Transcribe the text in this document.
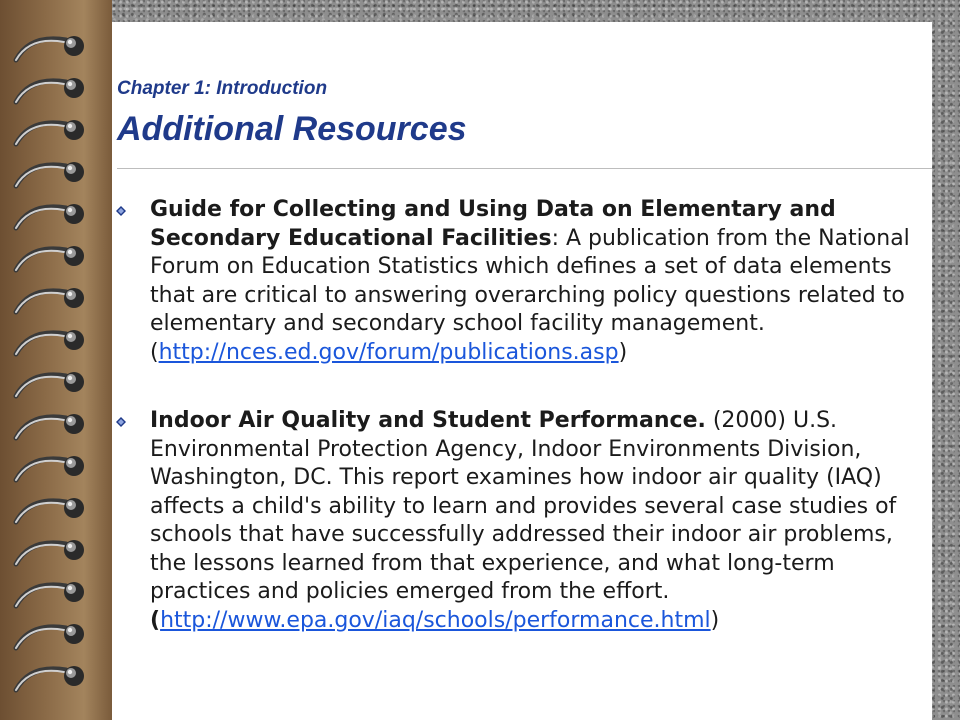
Chapter 1: Introduction
Additional Resources
Guide for Collecting and Using Data on Elementary and Secondary Educational Facilities: A publication from the National Forum on Education Statistics which defines a set of data elements that are critical to answering overarching policy questions related to elementary and secondary school facility management. (http://nces.ed.gov/forum/publications.asp)
Indoor Air Quality and Student Performance. (2000) U.S. Environmental Protection Agency, Indoor Environments Division, Washington, DC. This report examines how indoor air quality (IAQ) affects a child's ability to learn and provides several case studies of schools that have successfully addressed their indoor air problems, the lessons learned from that experience, and what long-term practices and policies emerged from the effort. (http://www.epa.gov/iaq/schools/performance.html)
